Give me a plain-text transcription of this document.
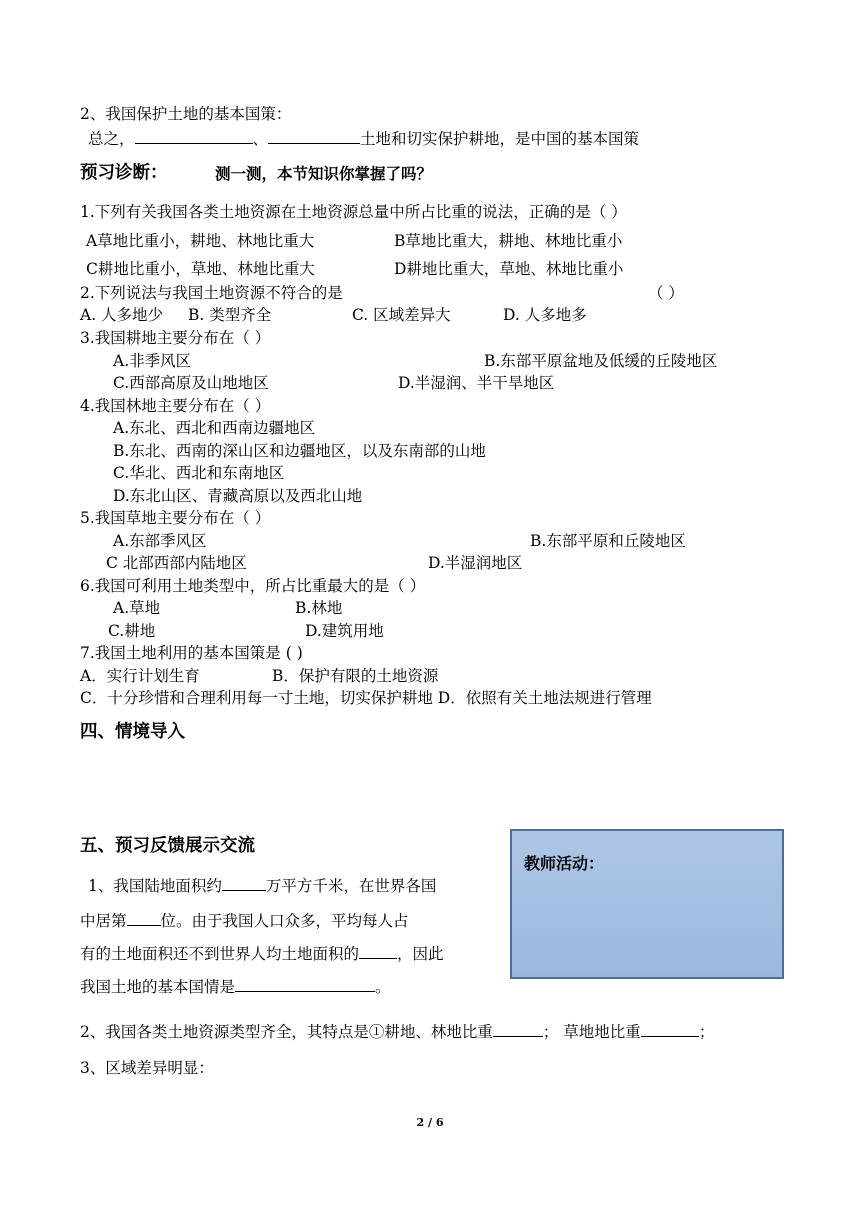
2、我国保护土地的基本国策：
总之，	、	土地和切实保护耕地，是中国的基本国策
预习诊断：	测一测，本节知识你掌握了吗？
1.下列有关我国各类土地资源在土地资源总量中所占比重的说法，正确的是（ ）
A草地比重小，耕地、林地比重大	B草地比重大，耕地、林地比重小
C耕地比重小，草地、林地比重大	D耕地比重大，草地、林地比重小
2.下列说法与我国土地资源不符合的是	（ ）
A. 人多地少 B. 类型齐全	C. 区域差异大	D. 人多地多
3.我国耕地主要分布在（ ）
A.非季风区	B.东部平原盆地及低缓的丘陵地区
C.西部高原及山地地区	D.半湿润、半干旱地区
4.我国林地主要分布在（ ）
A.东北、西北和西南边疆地区
B.东北、西南的深山区和边疆地区，以及东南部的山地
C.华北、西北和东南地区
D.东北山区、青藏高原以及西北山地
5.我国草地主要分布在（ ）
A.东部季风区	B.东部平原和丘陵地区
C 北部西部内陆地区	D.半湿润地区
6.我国可利用土地类型中，所占比重最大的是（ ）
A.草地	B.林地
C.耕地	D.建筑用地
7.我国土地利用的基本国策是 ( )
A．实行计划生育	B．保护有限的土地资源
C．十分珍惜和合理利用每一寸土地，切实保护耕地 D．依照有关土地法规进行管理
四、情境导入
五、预习反馈展示交流
教师活动：
1、我国陆地面积约	万平方千米，在世界各国
中居第 位。由于我国人口众多，平均每人占
有的土地面积还不到世界人均土地面积的 ，因此
我国土地的基本国情是	。
2、我国各类土地资源类型齐全，其特点是①耕地、林地比重	； 草地地比重	；
3、区域差异明显：
2 / 6
